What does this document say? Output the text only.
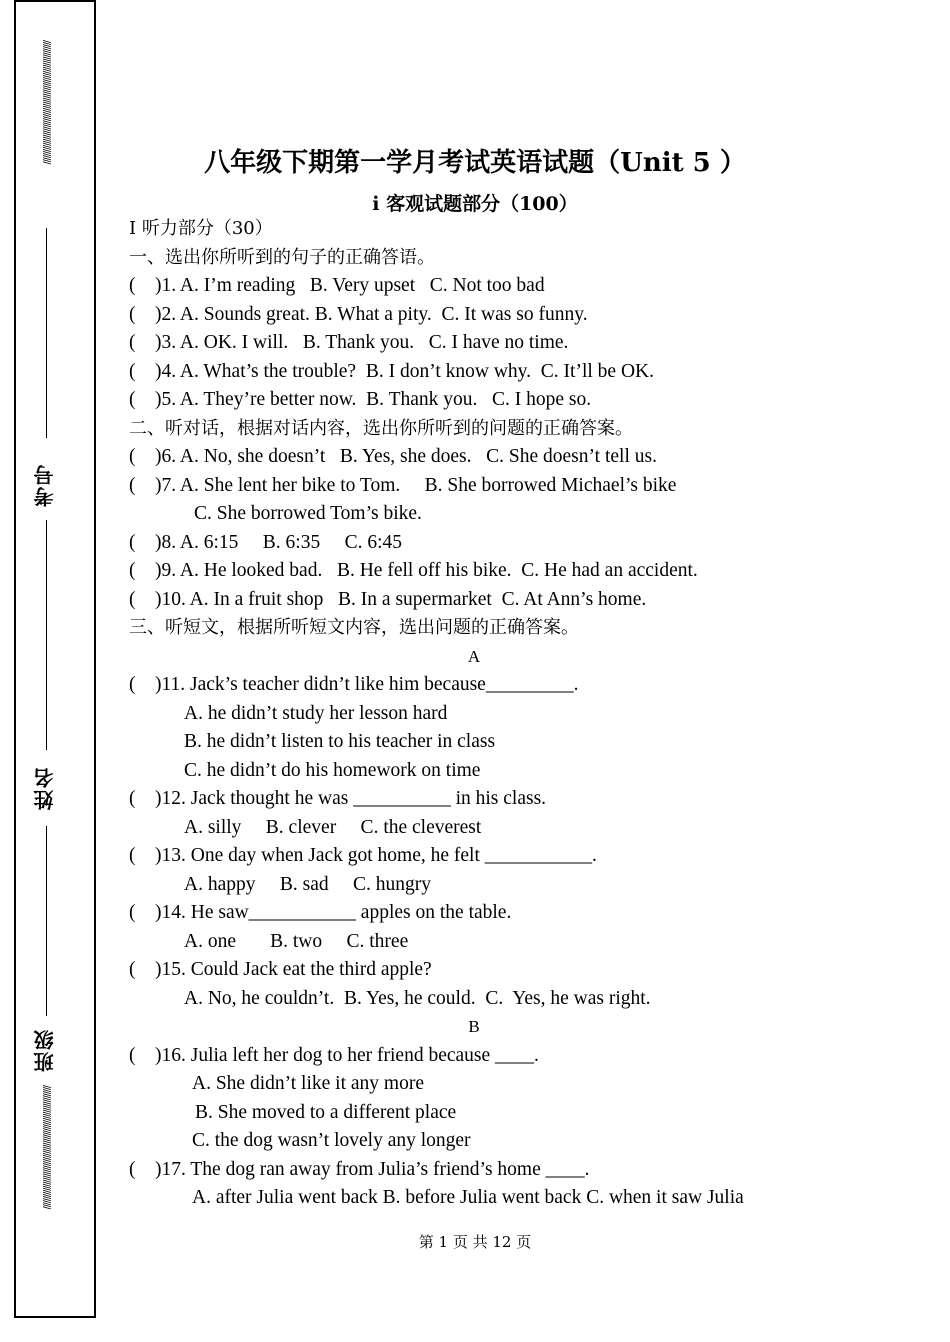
////////////////////////////////////////////////////////////
考号
姓名
班级
////////////////////////////////////////////////////////////
八年级下期第一学月考试英语试题（Unit 5 ）
ⅰ 客观试题部分（100）
I 听力部分（30）
一、选出你所听到的句子的正确答语。
(    )1. A. I’m reading   B. Very upset   C. Not too bad
(    )2. A. Sounds great. B. What a pity.  C. It was so funny.
(    )3. A. OK. I will.   B. Thank you.   C. I have no time.
(    )4. A. What’s the trouble?  B. I don’t know why.  C. It’ll be OK.
(    )5. A. They’re better now.  B. Thank you.   C. I hope so.
二、听对话，根据对话内容，选出你所听到的问题的正确答案。
(    )6. A. No, she doesn’t   B. Yes, she does.   C. She doesn’t tell us.
(    )7. A. She lent her bike to Tom.     B. She borrowed Michael’s bike
C. She borrowed Tom’s bike.
(    )8. A. 6:15     B. 6:35     C. 6:45
(    )9. A. He looked bad.   B. He fell off his bike.  C. He had an accident.
(    )10. A. In a fruit shop   B. In a supermarket  C. At Ann’s home.
三、听短文，根据所听短文内容，选出问题的正确答案。
A
(    )11. Jack’s teacher didn’t like him because_________.
A. he didn’t study her lesson hard
B. he didn’t listen to his teacher in class
C. he didn’t do his homework on time
(    )12. Jack thought he was __________ in his class.
A. silly     B. clever     C. the cleverest
(    )13. One day when Jack got home, he felt ___________.
A. happy     B. sad     C. hungry
(    )14. He saw___________ apples on the table.
A. one       B. two     C. three
(    )15. Could Jack eat the third apple?
A. No, he couldn’t.  B. Yes, he could.  C.  Yes, he was right.
B
(    )16. Julia left her dog to her friend because ____.
A. She didn’t like it any more
B. She moved to a different place
C. the dog wasn’t lovely any longer
(    )17. The dog ran away from Julia’s friend’s home ____.
A. after Julia went back B. before Julia went back C. when it saw Julia
第 1 页 共 12 页
